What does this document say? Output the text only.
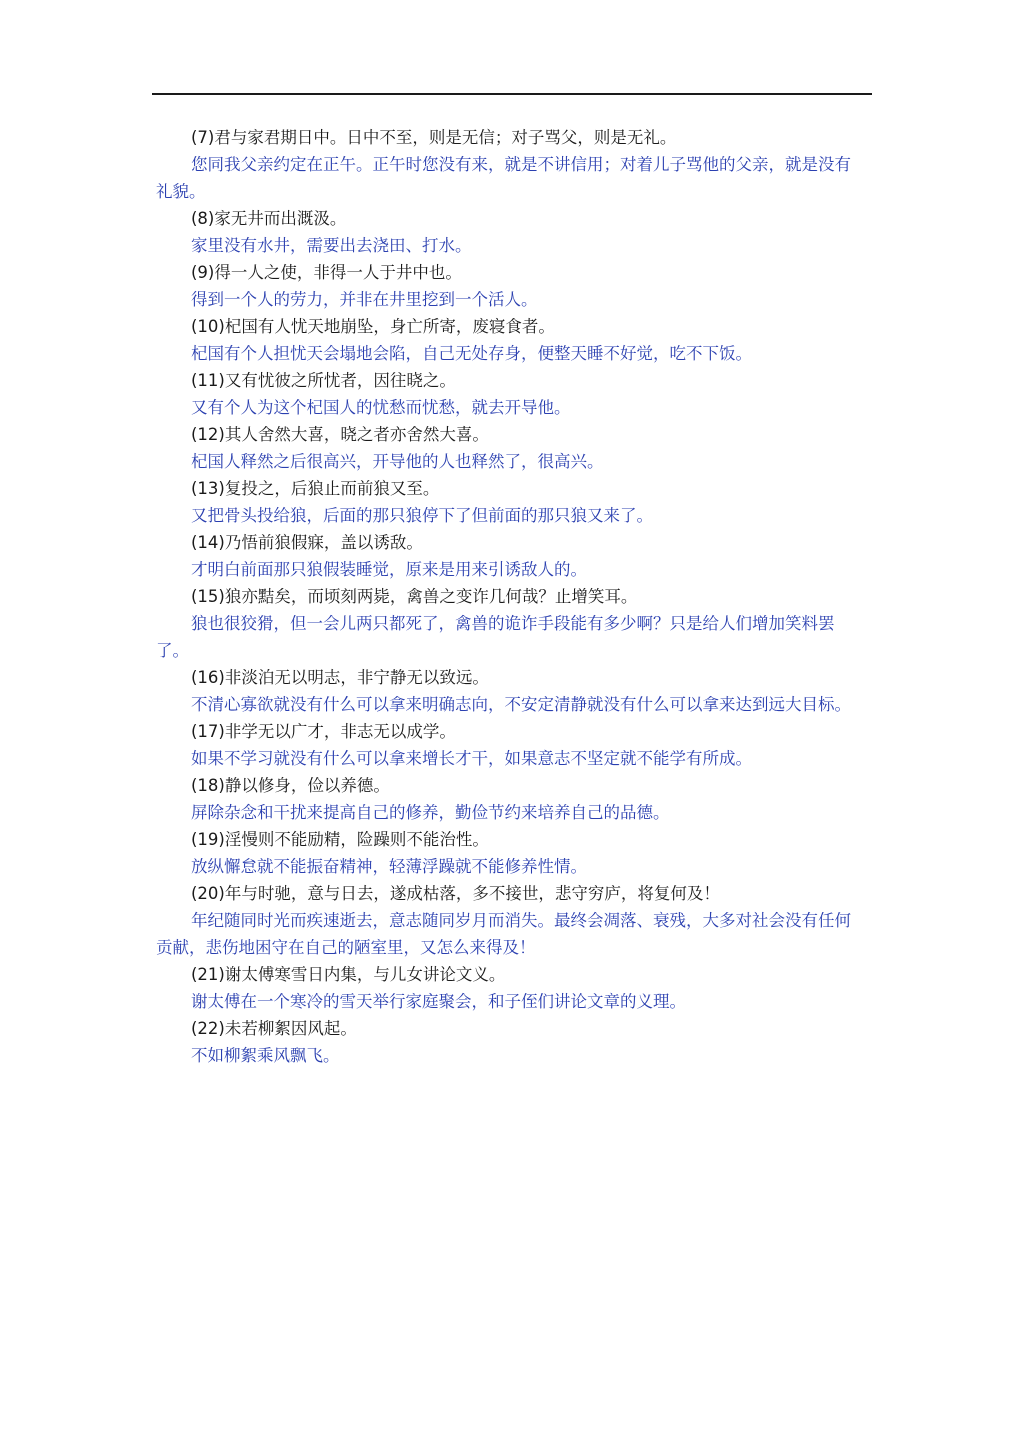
(7)君与家君期日中。日中不至，则是无信；对子骂父，则是无礼。

您同我父亲约定在正午。正午时您没有来，就是不讲信用；对着儿子骂他的父亲，就是没有礼貌。

(8)家无井而出溉汲。

家里没有水井，需要出去浇田、打水。

(9)得一人之使，非得一人于井中也。

得到一个人的劳力，并非在井里挖到一个活人。

(10)杞国有人忧天地崩坠，身亡所寄，废寝食者。

杞国有个人担忧天会塌地会陷，自己无处存身，便整天睡不好觉，吃不下饭。

(11)又有忧彼之所忧者，因往晓之。

又有个人为这个杞国人的忧愁而忧愁，就去开导他。

(12)其人舍然大喜，晓之者亦舍然大喜。

杞国人释然之后很高兴，开导他的人也释然了，很高兴。

(13)复投之，后狼止而前狼又至。

又把骨头投给狼，后面的那只狼停下了但前面的那只狼又来了。

(14)乃悟前狼假寐，盖以诱敌。

才明白前面那只狼假装睡觉，原来是用来引诱敌人的。

(15)狼亦黠矣，而顷刻两毙，禽兽之变诈几何哉？止增笑耳。

狼也很狡猾，但一会儿两只都死了，禽兽的诡诈手段能有多少啊？只是给人们增加笑料罢了。

(16)非淡泊无以明志，非宁静无以致远。

不清心寡欲就没有什么可以拿来明确志向，不安定清静就没有什么可以拿来达到远大目标。

(17)非学无以广才，非志无以成学。

如果不学习就没有什么可以拿来增长才干，如果意志不坚定就不能学有所成。

(18)静以修身，俭以养德。

屏除杂念和干扰来提高自己的修养，勤俭节约来培养自己的品德。

(19)淫慢则不能励精，险躁则不能治性。

放纵懈怠就不能振奋精神，轻薄浮躁就不能修养性情。

(20)年与时驰，意与日去，遂成枯落，多不接世，悲守穷庐，将复何及！

年纪随同时光而疾速逝去，意志随同岁月而消失。最终会凋落、衰残，大多对社会没有任何贡献，悲伤地困守在自己的陋室里，又怎么来得及！

(21)谢太傅寒雪日内集，与儿女讲论文义。

谢太傅在一个寒冷的雪天举行家庭聚会，和子侄们讲论文章的义理。

(22)未若柳絮因风起。

不如柳絮乘风飘飞。
